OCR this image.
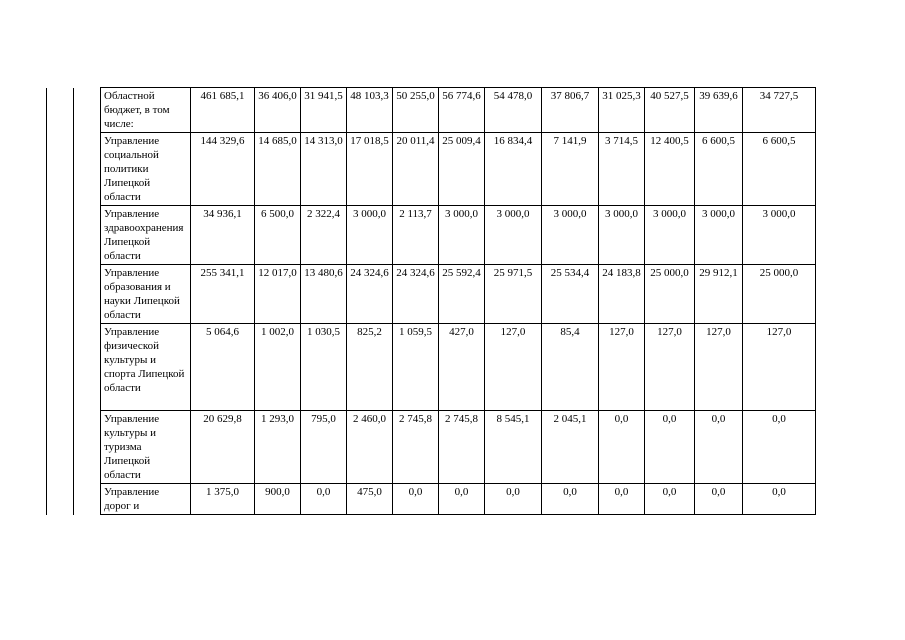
		Областной бюджет, в том числе:	461 685,1	36 406,0	31 941,5	48 103,3	50 255,0	56 774,6	54 478,0	37 806,7	31 025,3	40 527,5	39 639,6	34 727,5
		Управление социальной политики Липецкой области	144 329,6	14 685,0	14 313,0	17 018,5	20 011,4	25 009,4	16 834,4	7 141,9	3 714,5	12 400,5	6 600,5	6 600,5
		Управление здравоохранения Липецкой области	34 936,1	6 500,0	2 322,4	3 000,0	2 113,7	3 000,0	3 000,0	3 000,0	3 000,0	3 000,0	3 000,0	3 000,0
		Управление образования и науки Липецкой области	255 341,1	12 017,0	13 480,6	24 324,6	24 324,6	25 592,4	25 971,5	25 534,4	24 183,8	25 000,0	29 912,1	25 000,0
		Управление физической культуры и спорта Липецкой области	5 064,6	1 002,0	1 030,5	825,2	1 059,5	427,0	127,0	85,4	127,0	127,0	127,0	127,0
		Управление культуры и туризма Липецкой области	20 629,8	1 293,0	795,0	2 460,0	2 745,8	2 745,8	8 545,1	2 045,1	0,0	0,0	0,0	0,0
		Управление дорог и	1 375,0	900,0	0,0	475,0	0,0	0,0	0,0	0,0	0,0	0,0	0,0	0,0
